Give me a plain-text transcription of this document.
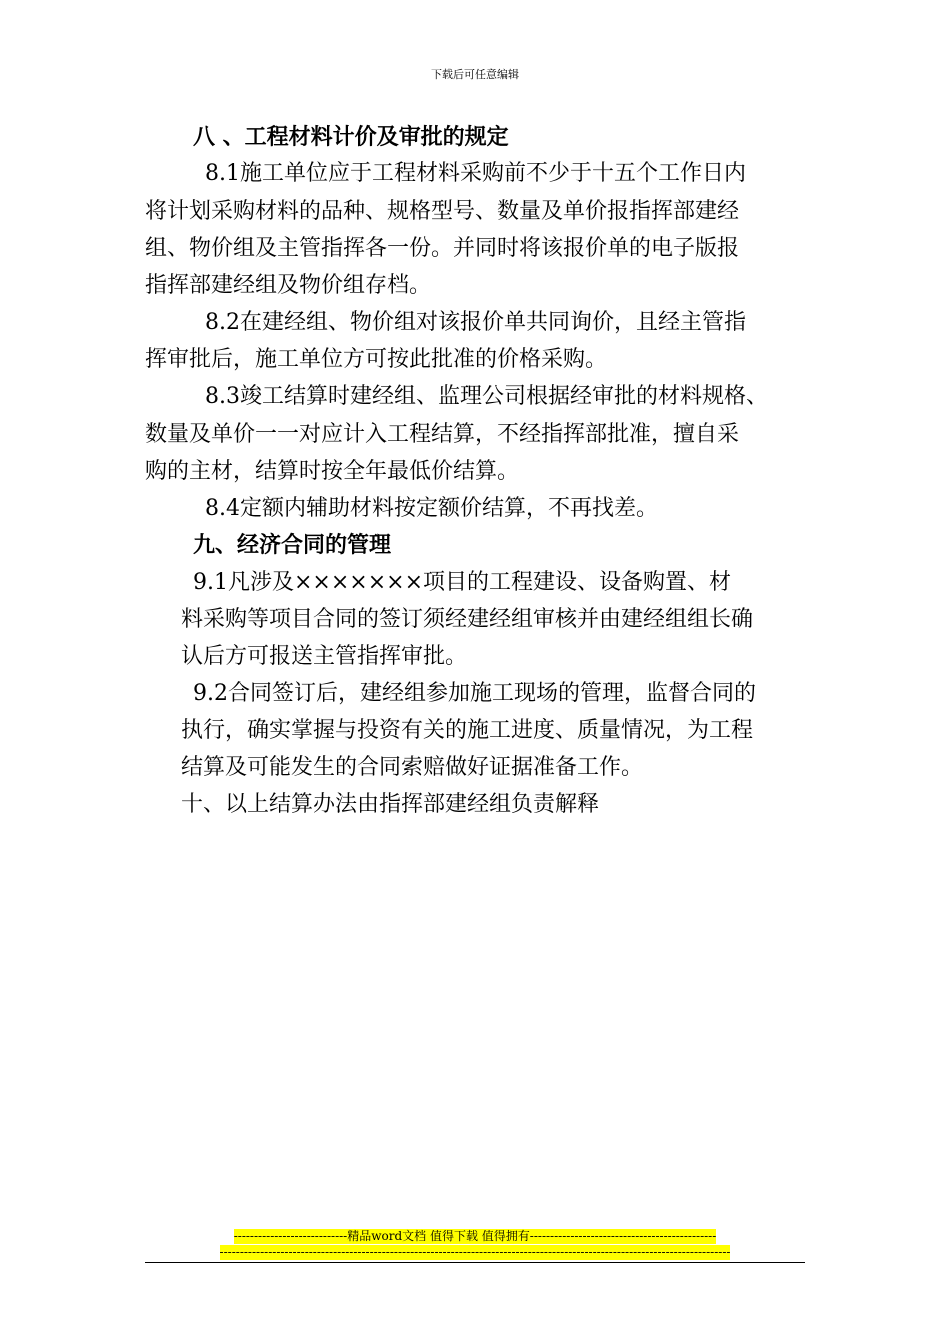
下载后可任意编辑
八 、工程材料计价及审批的规定
8.1施工单位应于工程材料采购前不少于十五个工作日内
将计划采购材料的品种、规格型号、数量及单价报指挥部建经
组、物价组及主管指挥各一份。并同时将该报价单的电子版报
指挥部建经组及物价组存档。
8.2在建经组、物价组对该报价单共同询价，且经主管指
挥审批后，施工单位方可按此批准的价格采购。
8.3竣工结算时建经组、监理公司根据经审批的材料规格、
数量及单价一一对应计入工程结算，不经指挥部批准，擅自采
购的主材，结算时按全年最低价结算。
8.4定额内辅助材料按定额价结算，不再找差。
九、经济合同的管理
9.1凡涉及×××××××项目的工程建设、设备购置、材
料采购等项目合同的签订须经建经组审核并由建经组组长确
认后方可报送主管指挥审批。
9.2合同签订后，建经组参加施工现场的管理，监督合同的
执行，确实掌握与投资有关的施工进度、质量情况，为工程
结算及可能发生的合同索赔做好证据准备工作。
十、以上结算办法由指挥部建经组负责解释
----------------------------精品word文档 值得下载 值得拥有----------------------------------------------
------------------------------------------------------------------------------------------------------------------------------
